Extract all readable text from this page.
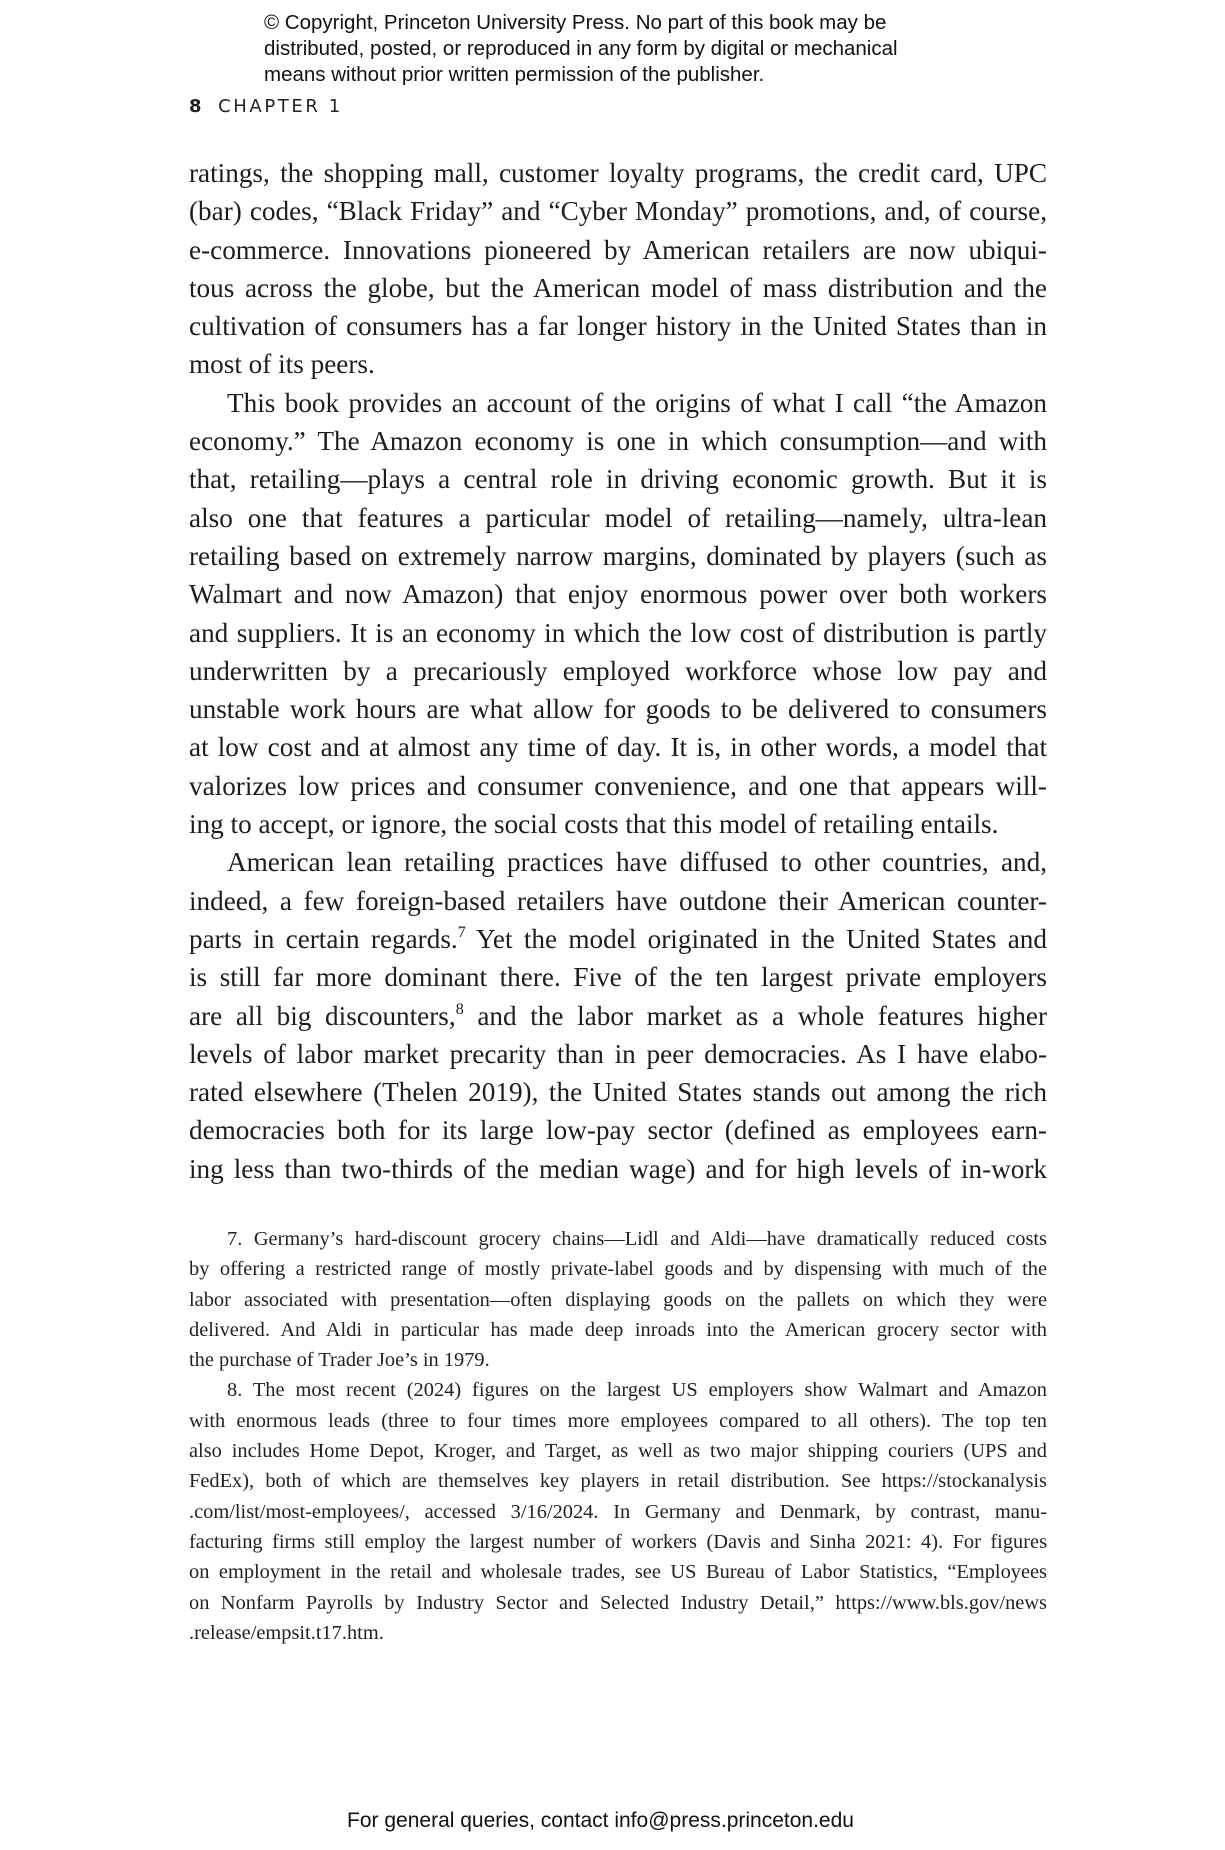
© Copyright, Princeton University Press. No part of this book may be
distributed, posted, or reproduced in any form by digital or mechanical
means without prior written permission of the publisher.
8 CHAPTER 1
ratings, the shopping mall, customer loyalty programs, the credit card, UPC
(bar) codes, “Black Friday” and “Cyber Monday” promotions, and, of course,
e-commerce. Innovations pioneered by American retailers are now ubiqui-
tous across the globe, but the American model of mass distribution and the
cultivation of consumers has a far longer history in the United States than in
most of its peers.
This book provides an account of the origins of what I call “the Amazon
economy.” The Amazon economy is one in which consumption—and with
that, retailing—plays a central role in driving economic growth. But it is
also one that features a particular model of retailing—namely, ultra-lean
retailing based on extremely narrow margins, dominated by players (such as
Walmart and now Amazon) that enjoy enormous power over both workers
and suppliers. It is an economy in which the low cost of distribution is partly
underwritten by a precariously employed workforce whose low pay and
unstable work hours are what allow for goods to be delivered to consumers
at low cost and at almost any time of day. It is, in other words, a model that
valorizes low prices and consumer convenience, and one that appears will-
ing to accept, or ignore, the social costs that this model of retailing entails.
American lean retailing practices have diffused to other countries, and,
indeed, a few foreign-based retailers have outdone their American counter-
parts in certain regards.$^7$ Yet the model originated in the United States and
is still far more dominant there. Five of the ten largest private employers
are all big discounters,$^8$ and the labor market as a whole features higher
levels of labor market precarity than in peer democracies. As I have elabo-
rated elsewhere (Thelen 2019), the United States stands out among the rich
democracies both for its large low-pay sector (defined as employees earn-
ing less than two-thirds of the median wage) and for high levels of in-work
7. Germany’s hard-discount grocery chains—Lidl and Aldi—have dramatically reduced costs
by offering a restricted range of mostly private-label goods and by dispensing with much of the
labor associated with presentation—often displaying goods on the pallets on which they were
delivered. And Aldi in particular has made deep inroads into the American grocery sector with
the purchase of Trader Joe’s in 1979.
8. The most recent (2024) figures on the largest US employers show Walmart and Amazon
with enormous leads (three to four times more employees compared to all others). The top ten
also includes Home Depot, Kroger, and Target, as well as two major shipping couriers (UPS and
FedEx), both of which are themselves key players in retail distribution. See https://stockanalysis
.com/list/most-employees/, accessed 3/16/2024. In Germany and Denmark, by contrast, manu-
facturing firms still employ the largest number of workers (Davis and Sinha 2021: 4). For figures
on employment in the retail and wholesale trades, see US Bureau of Labor Statistics, “Employees
on Nonfarm Payrolls by Industry Sector and Selected Industry Detail,” https://www.bls.gov/news
.release/empsit.t17.htm.
For general queries, contact info@press.princeton.edu
